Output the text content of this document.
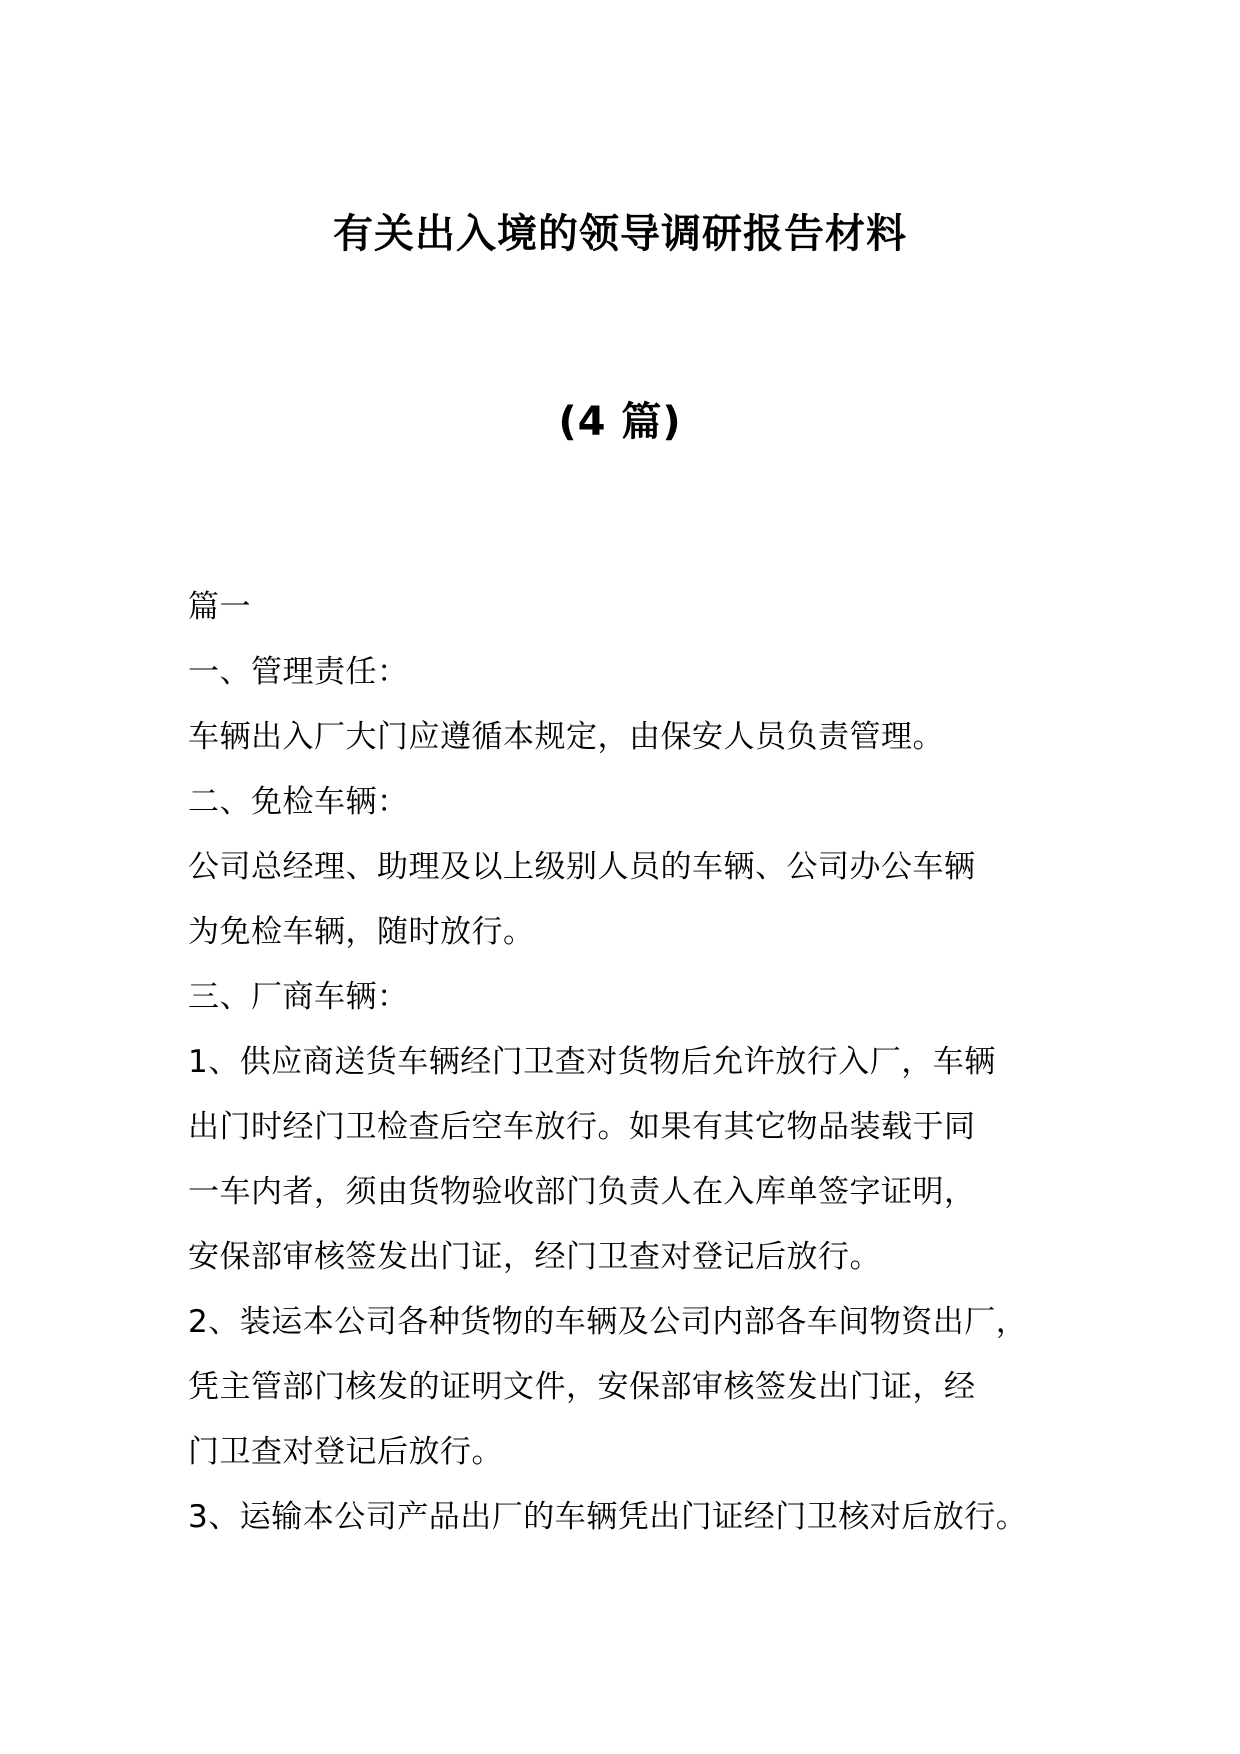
有关出入境的领导调研报告材料
(4 篇)
篇一
一、管理责任：
车辆出入厂大门应遵循本规定，由保安人员负责管理。
二、免检车辆：
公司总经理、助理及以上级别人员的车辆、公司办公车辆
为免检车辆，随时放行。
三、厂商车辆：
1、供应商送货车辆经门卫查对货物后允许放行入厂，车辆
出门时经门卫检查后空车放行。如果有其它物品装载于同
一车内者，须由货物验收部门负责人在入库单签字证明，
安保部审核签发出门证，经门卫查对登记后放行。
2、装运本公司各种货物的车辆及公司内部各车间物资出厂，
凭主管部门核发的证明文件，安保部审核签发出门证，经
门卫查对登记后放行。
3、运输本公司产品出厂的车辆凭出门证经门卫核对后放行。
